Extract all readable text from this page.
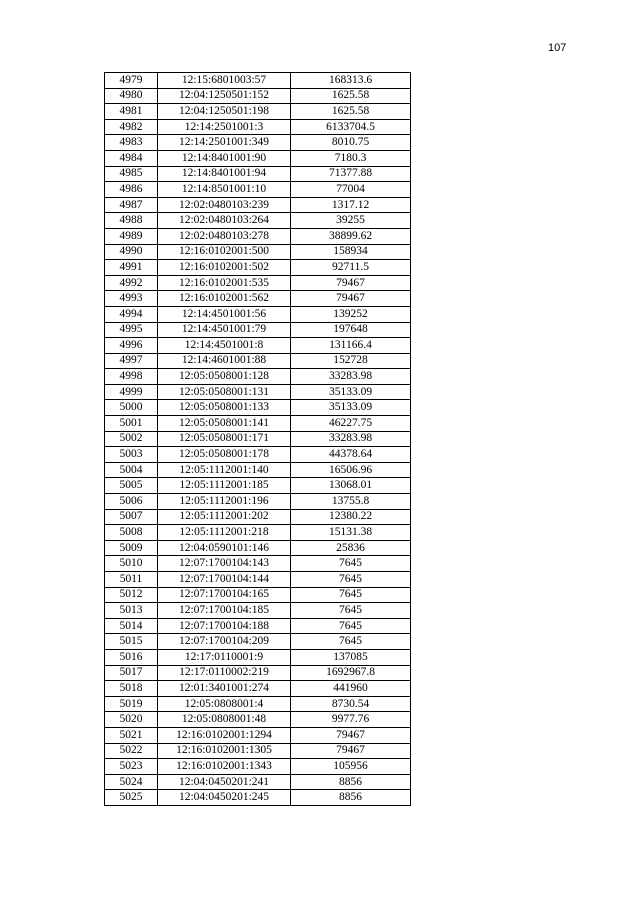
107
4979	12:15:6801003:57	168313.6
4980	12:04:1250501:152	1625.58
4981	12:04:1250501:198	1625.58
4982	12:14:2501001:3	6133704.5
4983	12:14:2501001:349	8010.75
4984	12:14:8401001:90	7180.3
4985	12:14:8401001:94	71377.88
4986	12:14:8501001:10	77004
4987	12:02:0480103:239	1317.12
4988	12:02:0480103:264	39255
4989	12:02:0480103:278	38899.62
4990	12:16:0102001:500	158934
4991	12:16:0102001:502	92711.5
4992	12:16:0102001:535	79467
4993	12:16:0102001:562	79467
4994	12:14:4501001:56	139252
4995	12:14:4501001:79	197648
4996	12:14:4501001:8	131166.4
4997	12:14:4601001:88	152728
4998	12:05:0508001:128	33283.98
4999	12:05:0508001:131	35133.09
5000	12:05:0508001:133	35133.09
5001	12:05:0508001:141	46227.75
5002	12:05:0508001:171	33283.98
5003	12:05:0508001:178	44378.64
5004	12:05:1112001:140	16506.96
5005	12:05:1112001:185	13068.01
5006	12:05:1112001:196	13755.8
5007	12:05:1112001:202	12380.22
5008	12:05:1112001:218	15131.38
5009	12:04:0590101:146	25836
5010	12:07:1700104:143	7645
5011	12:07:1700104:144	7645
5012	12:07:1700104:165	7645
5013	12:07:1700104:185	7645
5014	12:07:1700104:188	7645
5015	12:07:1700104:209	7645
5016	12:17:0110001:9	137085
5017	12:17:0110002:219	1692967.8
5018	12:01:3401001:274	441960
5019	12:05:0808001:4	8730.54
5020	12:05:0808001:48	9977.76
5021	12:16:0102001:1294	79467
5022	12:16:0102001:1305	79467
5023	12:16:0102001:1343	105956
5024	12:04:0450201:241	8856
5025	12:04:0450201:245	8856
